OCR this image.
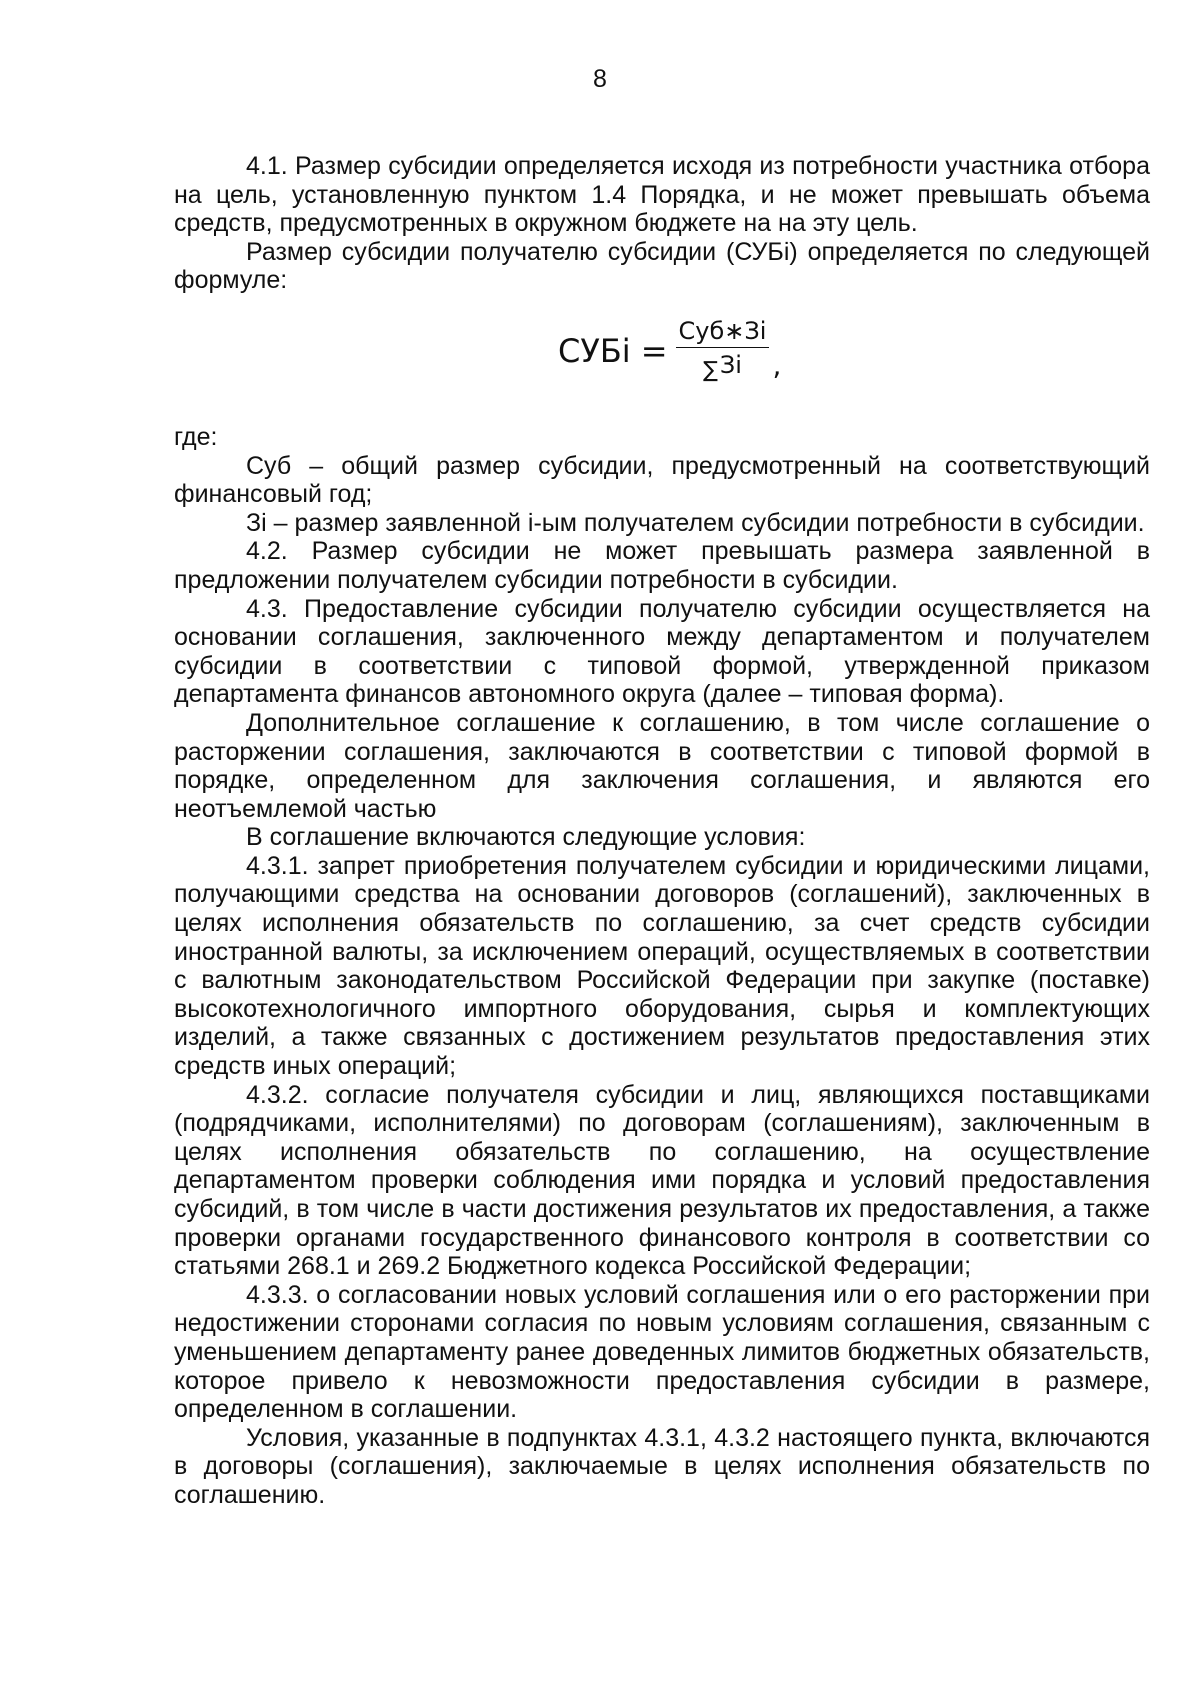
8

4.1. Размер субсидии определяется исходя из потребности участника отбора на цель, установленную пунктом 1.4 Порядка, и не может превышать объема средств, предусмотренных в окружном бюджете на на эту цель.

Размер субсидии получателю субсидии (СУБі) определяется по следующей формуле:

СУБi = $\frac{\text{Суб∗Зi}}{\sum Зi}$ ,

где:

Суб – общий размер субсидии, предусмотренный на соответствующий финансовый год;

Зі – размер заявленной і-ым получателем субсидии потребности в субсидии.

4.2. Размер субсидии не может превышать размера заявленной в предложении получателем субсидии потребности в субсидии.

4.3. Предоставление субсидии получателю субсидии осуществляется на основании соглашения, заключенного между департаментом и получателем субсидии в соответствии с типовой формой, утвержденной приказом департамента финансов автономного округа (далее – типовая форма).

Дополнительное соглашение к соглашению, в том числе соглашение о расторжении соглашения, заключаются в соответствии с типовой формой в порядке, определенном для заключения соглашения, и являются его неотъемлемой частью

В соглашение включаются следующие условия:

4.3.1. запрет приобретения получателем субсидии и юридическими лицами, получающими средства на основании договоров (соглашений), заключенных в целях исполнения обязательств по соглашению, за счет средств субсидии иностранной валюты, за исключением операций, осуществляемых в соответствии с валютным законодательством Российской Федерации при закупке (поставке) высокотехнологичного импортного оборудования, сырья и комплектующих изделий, а также связанных с достижением результатов предоставления этих средств иных операций;

4.3.2. согласие получателя субсидии и лиц, являющихся поставщиками (подрядчиками, исполнителями) по договорам (соглашениям), заключенным в целях исполнения обязательств по соглашению, на осуществление департаментом проверки соблюдения ими порядка и условий предоставления субсидий, в том числе в части достижения результатов их предоставления, а также проверки органами государственного финансового контроля в соответствии со статьями 268.1 и 269.2 Бюджетного кодекса Российской Федерации;

4.3.3. о согласовании новых условий соглашения или о его расторжении при недостижении сторонами согласия по новым условиям соглашения, связанным с уменьшением департаменту ранее доведенных лимитов бюджетных обязательств, которое привело к невозможности предоставления субсидии в размере, определенном в соглашении.

Условия, указанные в подпунктах 4.3.1, 4.3.2 настоящего пункта, включаются в договоры (соглашения), заключаемые в целях исполнения обязательств по соглашению.
